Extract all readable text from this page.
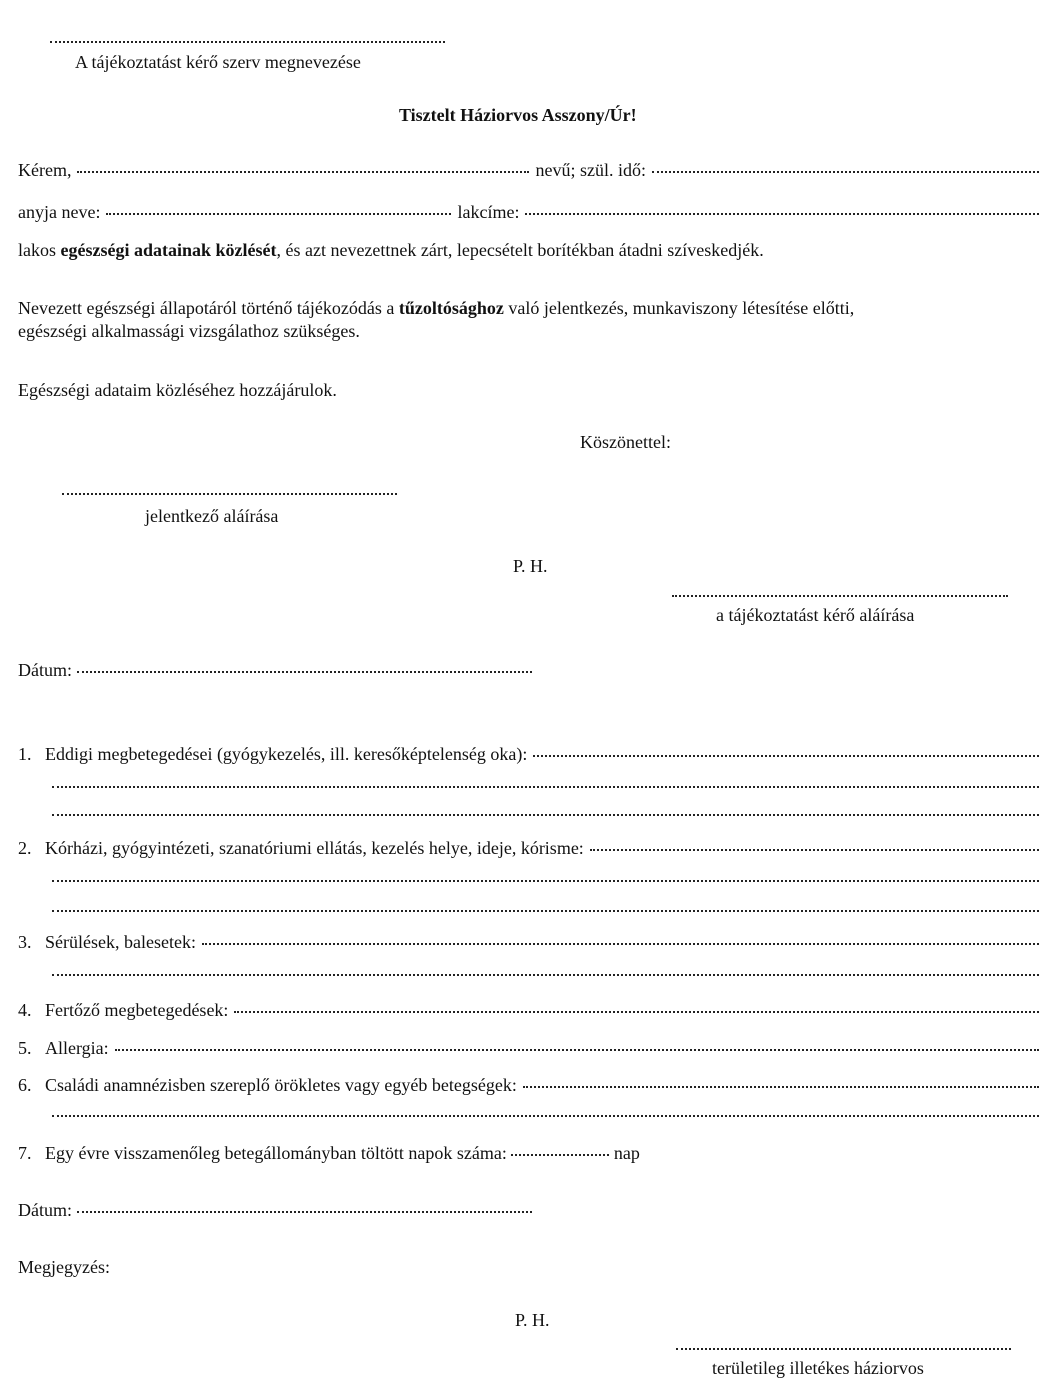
A tájékoztatást kérő szerv megnevezése
Tisztelt Háziorvos Asszony/Úr!
Kérem,	nevű; szül. idő:
anyja neve:	lakcíme:
lakos egészségi adatainak közlését, és azt nevezettnek zárt, lepecsételt borítékban átadni szíveskedjék.
Nevezett egészségi állapotáról történő tájékozódás a tűzoltósághoz való jelentkezés, munkaviszony létesítése előtti,
egészségi alkalmassági vizsgálathoz szükséges.
Egészségi adataim közléséhez hozzájárulok.
Köszönettel:
jelentkező aláírása
P. H.
a tájékoztatást kérő aláírása
Dátum:
1. Eddigi megbetegedései (gyógykezelés, ill. keresőképtelenség oka):
2. Kórházi, gyógyintézeti, szanatóriumi ellátás, kezelés helye, ideje, kórisme:
3. Sérülések, balesetek:
4. Fertőző megbetegedések:
5. Allergia:
6. Családi anamnézisben szereplő örökletes vagy egyéb betegségek:
7. Egy évre visszamenőleg betegállományban töltött napok száma:	nap
Dátum:
Megjegyzés:
P. H.
területileg illetékes háziorvos
